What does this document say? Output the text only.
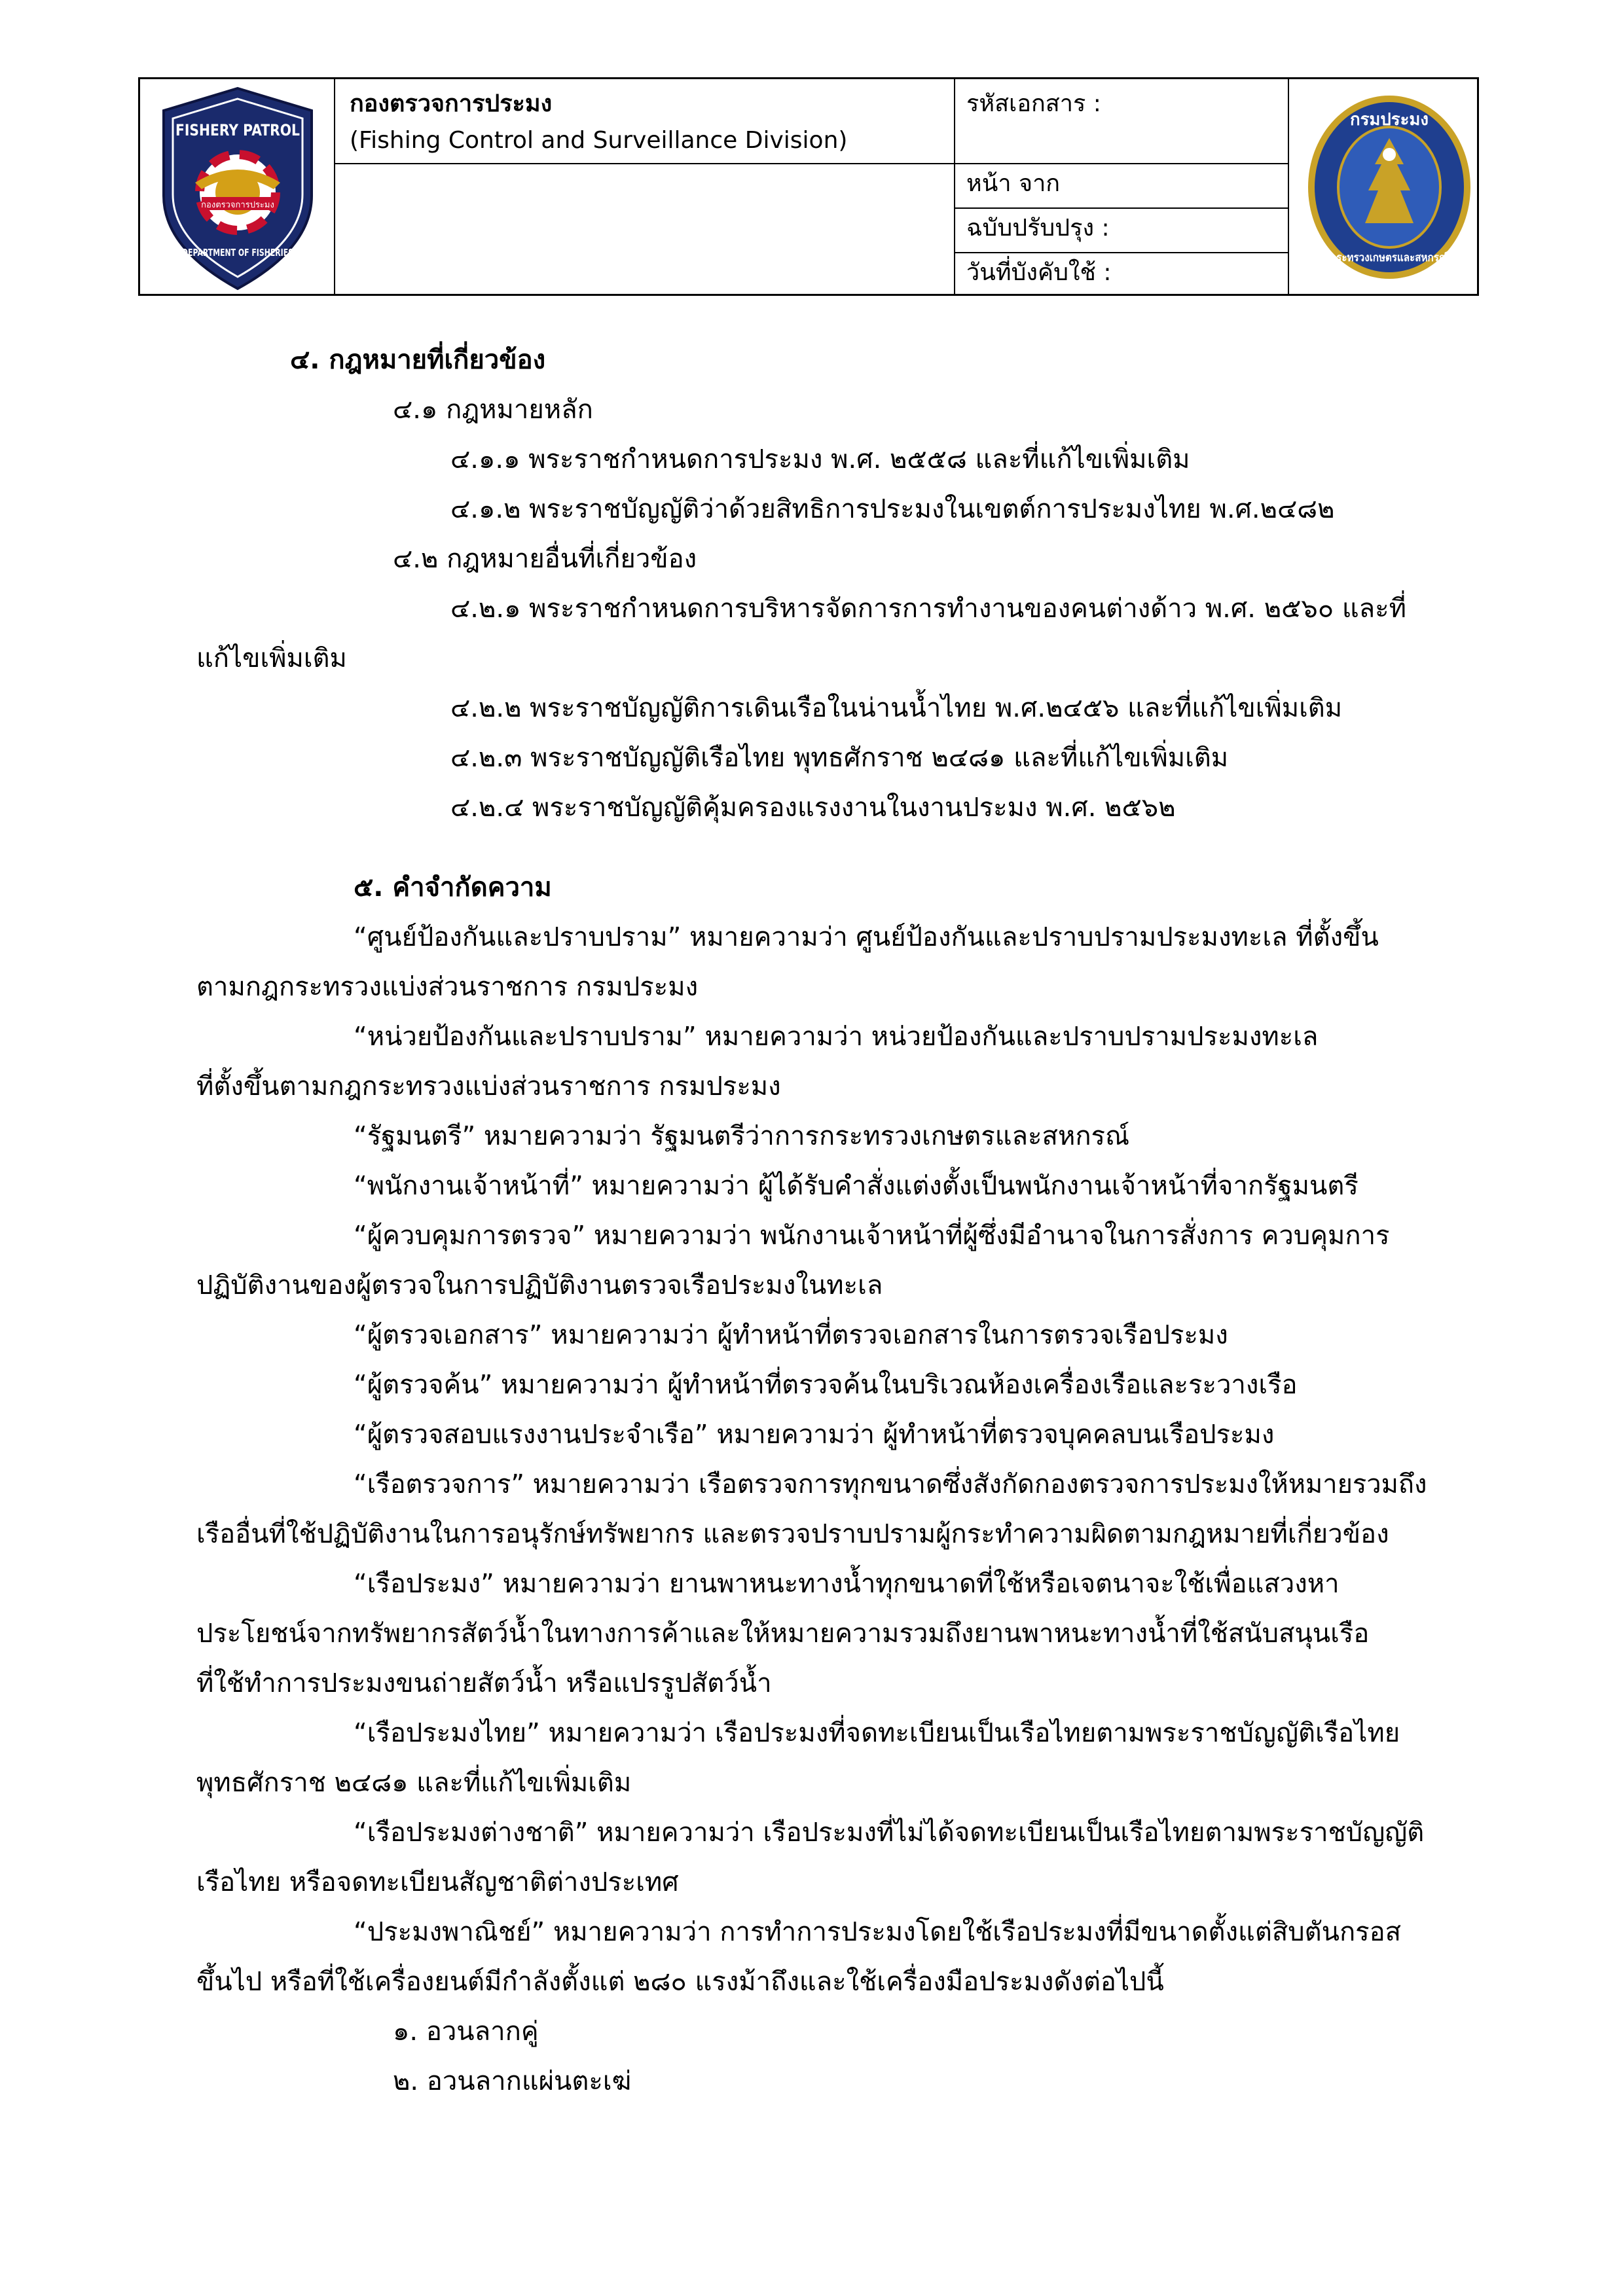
กองตรวจการประมง
FISHERY PATROL
DEPARTMENT OF FISHERIES
กองตรวจการประมง
(Fishing Control and Surveillance Division)
รหัสเอกสาร :
หน้า จาก
ฉบับปรับปรุง :
วันที่บังคับใช้ :
กรมประมง
กระทรวงเกษตรและสหกรณ์
๔. กฎหมายที่เกี่ยวข้อง
๔.๑ กฎหมายหลัก
๔.๑.๑ พระราชกำหนดการประมง พ.ศ. ๒๕๕๘ และที่แก้ไขเพิ่มเติม
๔.๑.๒ พระราชบัญญัติว่าด้วยสิทธิการประมงในเขตต์การประมงไทย พ.ศ.๒๔๘๒
๔.๒ กฎหมายอื่นที่เกี่ยวข้อง
๔.๒.๑ พระราชกำหนดการบริหารจัดการการทำงานของคนต่างด้าว พ.ศ. ๒๕๖๐ และที่
แก้ไขเพิ่มเติม
๔.๒.๒ พระราชบัญญัติการเดินเรือในน่านน้ำไทย พ.ศ.๒๔๕๖ และที่แก้ไขเพิ่มเติม
๔.๒.๓ พระราชบัญญัติเรือไทย พุทธศักราช ๒๔๘๑ และที่แก้ไขเพิ่มเติม
๔.๒.๔ พระราชบัญญัติคุ้มครองแรงงานในงานประมง พ.ศ. ๒๕๖๒
๕. คำจำกัดความ
“ศูนย์ป้องกันและปราบปราม” หมายความว่า ศูนย์ป้องกันและปราบปรามประมงทะเล ที่ตั้งขึ้น
ตามกฎกระทรวงแบ่งส่วนราชการ กรมประมง
“หน่วยป้องกันและปราบปราม” หมายความว่า หน่วยป้องกันและปราบปรามประมงทะเล
ที่ตั้งขึ้นตามกฎกระทรวงแบ่งส่วนราชการ กรมประมง
“รัฐมนตรี” หมายความว่า รัฐมนตรีว่าการกระทรวงเกษตรและสหกรณ์
“พนักงานเจ้าหน้าที่” หมายความว่า ผู้ได้รับคำสั่งแต่งตั้งเป็นพนักงานเจ้าหน้าที่จากรัฐมนตรี
“ผู้ควบคุมการตรวจ” หมายความว่า พนักงานเจ้าหน้าที่ผู้ซึ่งมีอำนาจในการสั่งการ ควบคุมการ
ปฏิบัติงานของผู้ตรวจในการปฏิบัติงานตรวจเรือประมงในทะเล
“ผู้ตรวจเอกสาร” หมายความว่า ผู้ทำหน้าที่ตรวจเอกสารในการตรวจเรือประมง
“ผู้ตรวจค้น” หมายความว่า ผู้ทำหน้าที่ตรวจค้นในบริเวณห้องเครื่องเรือและระวางเรือ
“ผู้ตรวจสอบแรงงานประจำเรือ” หมายความว่า ผู้ทำหน้าที่ตรวจบุคคลบนเรือประมง
“เรือตรวจการ” หมายความว่า เรือตรวจการทุกขนาดซึ่งสังกัดกองตรวจการประมงให้หมายรวมถึง
เรืออื่นที่ใช้ปฏิบัติงานในการอนุรักษ์ทรัพยากร และตรวจปราบปรามผู้กระทำความผิดตามกฎหมายที่เกี่ยวข้อง
“เรือประมง” หมายความว่า ยานพาหนะทางน้ำทุกขนาดที่ใช้หรือเจตนาจะใช้เพื่อแสวงหา
ประโยชน์จากทรัพยากรสัตว์น้ำในทางการค้าและให้หมายความรวมถึงยานพาหนะทางน้ำที่ใช้สนับสนุนเรือ
ที่ใช้ทำการประมงขนถ่ายสัตว์น้ำ หรือแปรรูปสัตว์น้ำ
“เรือประมงไทย” หมายความว่า เรือประมงที่จดทะเบียนเป็นเรือไทยตามพระราชบัญญัติเรือไทย
พุทธศักราช ๒๔๘๑ และที่แก้ไขเพิ่มเติม
“เรือประมงต่างชาติ” หมายความว่า เรือประมงที่ไม่ได้จดทะเบียนเป็นเรือไทยตามพระราชบัญญัติ
เรือไทย หรือจดทะเบียนสัญชาติต่างประเทศ
“ประมงพาณิชย์” หมายความว่า การทำการประมงโดยใช้เรือประมงที่มีขนาดตั้งแต่สิบตันกรอส
ขึ้นไป หรือที่ใช้เครื่องยนต์มีกำลังตั้งแต่ ๒๘๐ แรงม้าถึงและใช้เครื่องมือประมงดังต่อไปนี้
๑. อวนลากคู่
๒. อวนลากแผ่นตะเฆ่
